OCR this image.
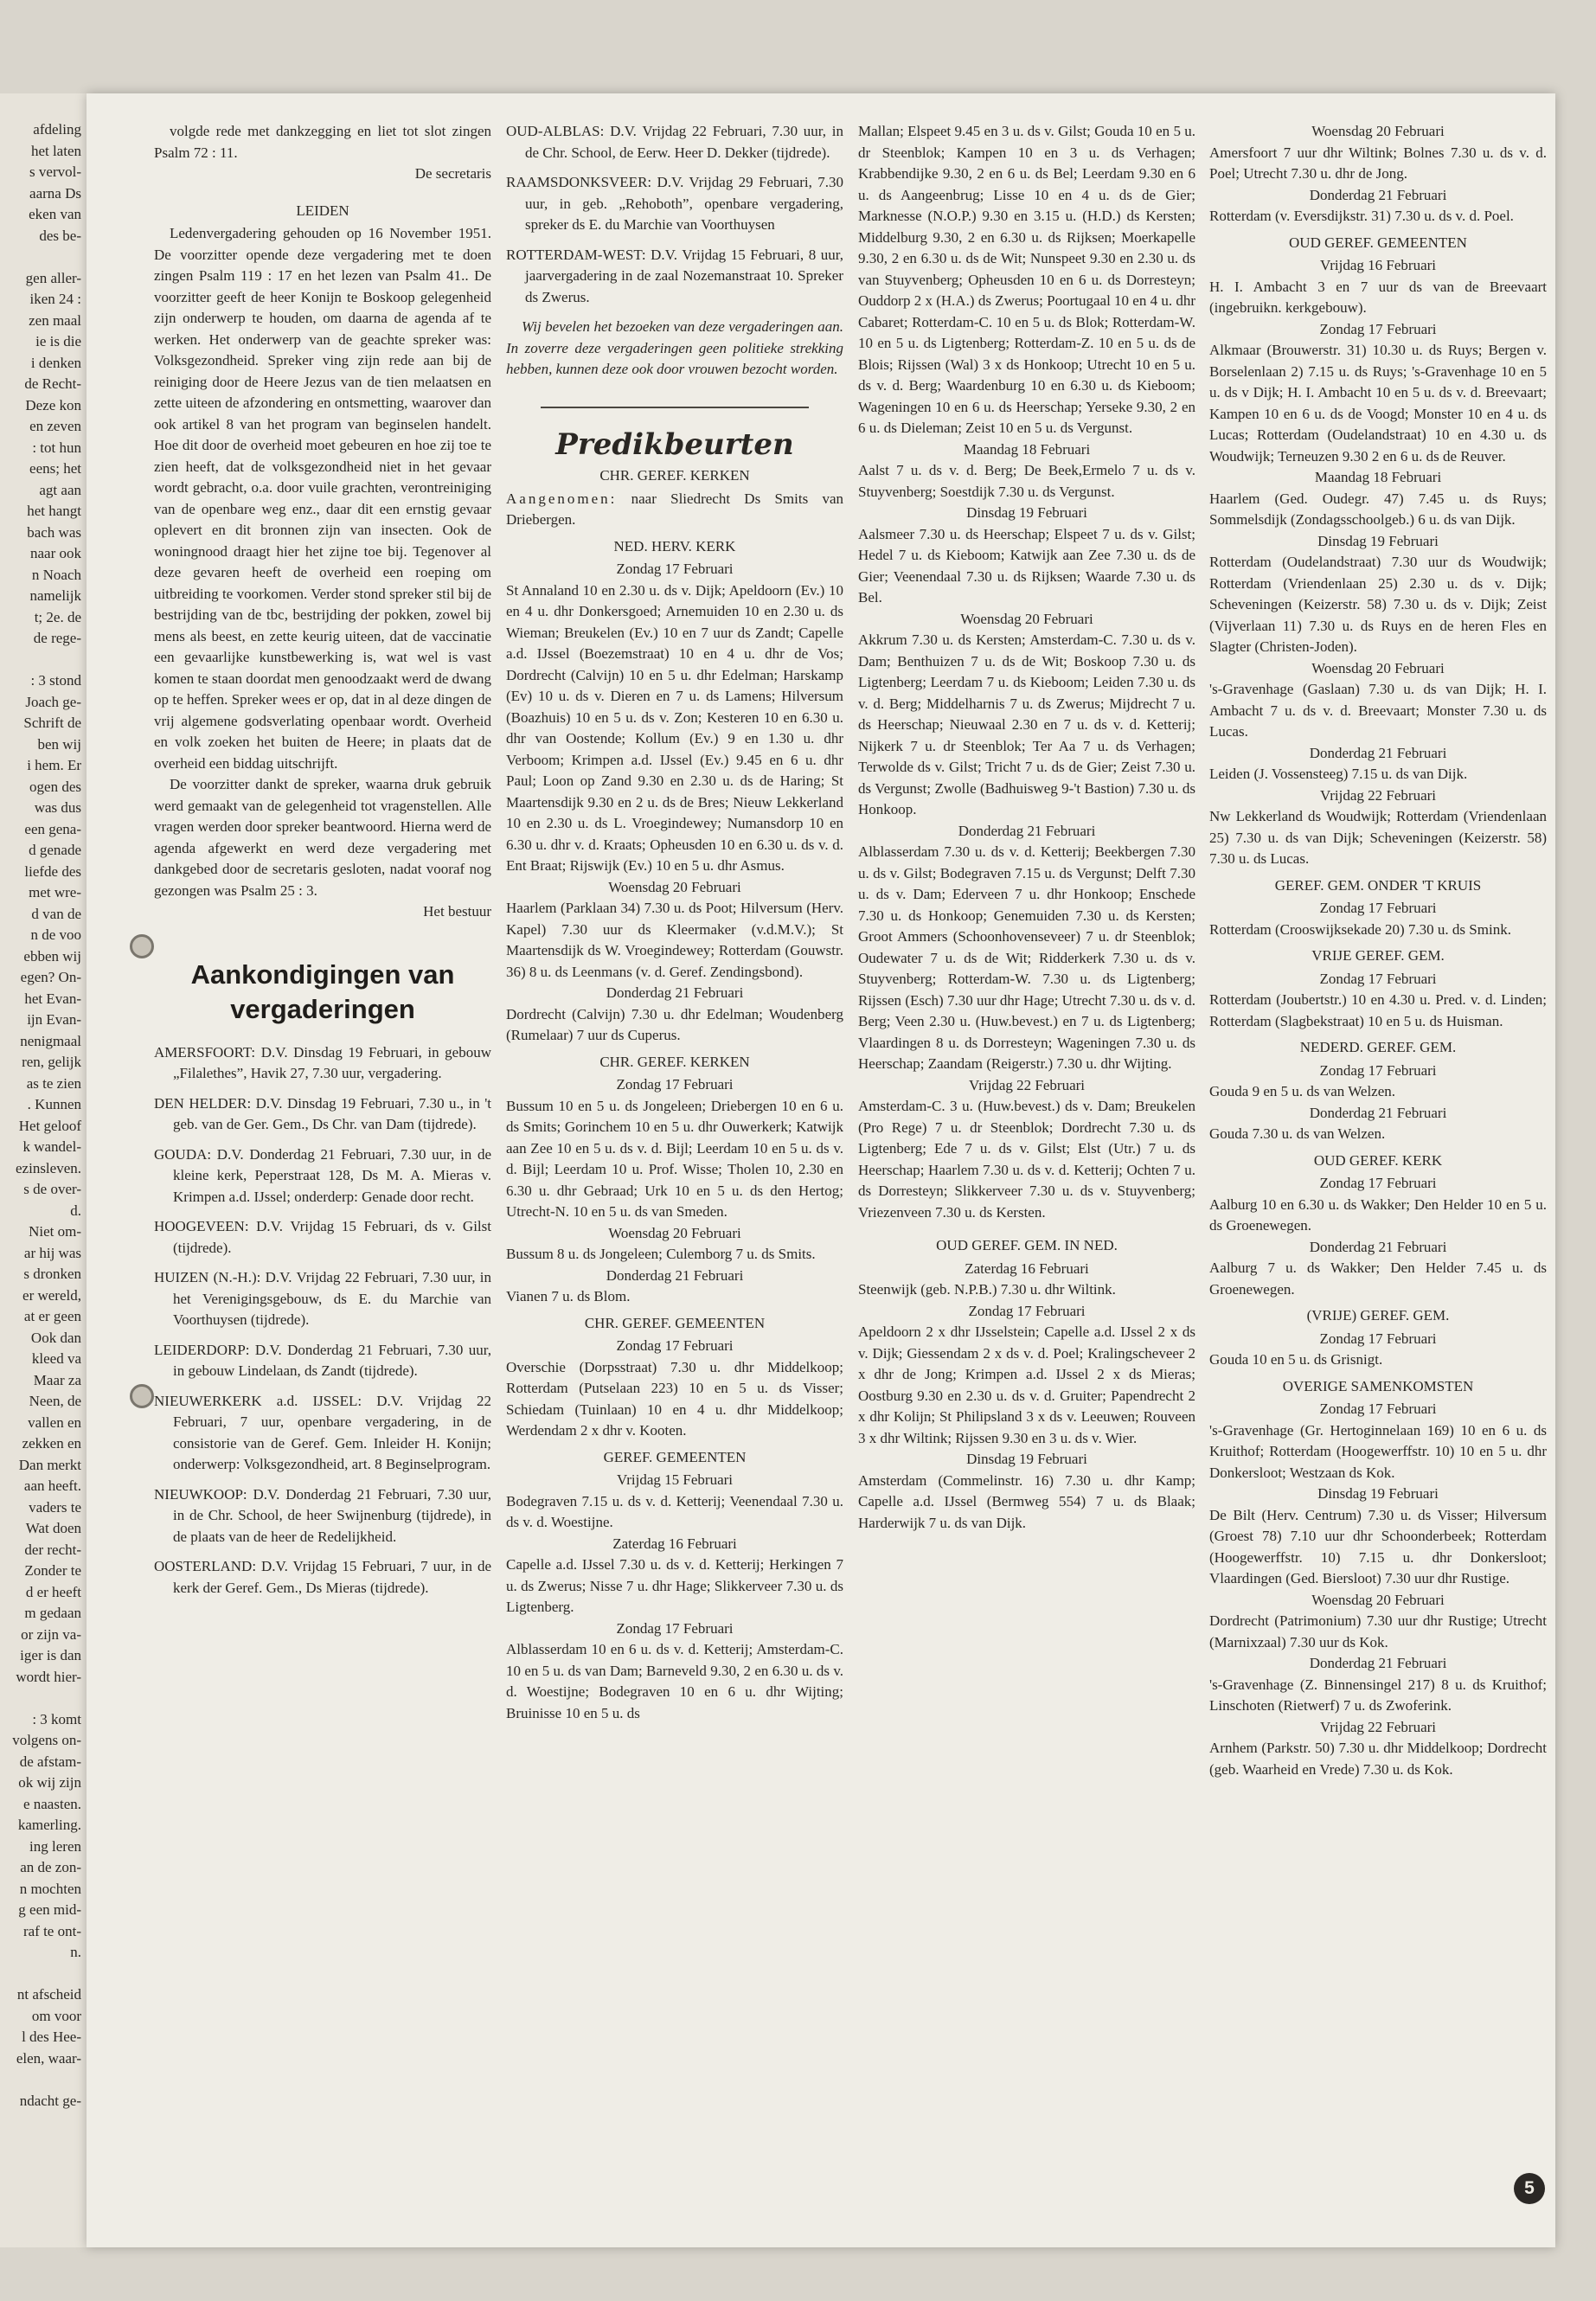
afdeling
het laten
s vervol-
aarna Ds
eken van
des be-
gen aller-
iken 24 :
zen maal
ie is die
i denken
de Recht-
Deze kon
en zeven
: tot hun
eens; het
agt aan
het hangt
bach was
naar ook
n Noach
namelijk
t; 2e. de
de rege-
: 3 stond
Joach ge-
Schrift de
ben wij
i hem. Er
ogen des
was dus
een gena-
d genade
liefde des
met wre-
d van de
n de voo
ebben wij
egen? On-
het Evan-
ijn Evan-
nenigmaal
ren, gelijk
as te zien
. Kunnen
Het geloof
k wandel-
ezinsleven.
s de over-
d.
Niet om-
ar hij was
s dronken
er wereld,
at er geen
Ook dan
kleed va
Maar za
Neen, de
vallen en
zekken en
Dan merkt
aan heeft.
vaders te
Wat doen
der recht-
Zonder te
d er heeft
m gedaan
or zijn va-
iger is dan
wordt hier-
: 3 komt
volgens on-
de afstam-
ok wij zijn
e naasten.
kamerling.
ing leren
an de zon-
n mochten
g een mid-
raf te ont-
n.
nt afscheid
om voor
l des Hee-
elen, waar-
ndacht ge-

volgde rede met dankzegging en liet tot slot zingen Psalm 72 : 11.

De secretaris

LEIDEN

Ledenvergadering gehouden op 16 November 1951. De voorzitter opende deze vergadering met te doen zingen Psalm 119 : 17 en het lezen van Psalm 41.. De voorzitter geeft de heer Konijn te Boskoop gelegenheid zijn onderwerp te houden, om daarna de agenda af te werken. Het onderwerp van de geachte spreker was: Volksgezondheid. Spreker ving zijn rede aan bij de reiniging door de Heere Jezus van de tien melaatsen en zette uiteen de afzondering en ontsmetting, waarover dan ook artikel 8 van het program van beginselen handelt. Hoe dit door de overheid moet gebeuren en hoe zij toe te zien heeft, dat de volksgezondheid niet in het gevaar wordt gebracht, o.a. door vuile grachten, verontreiniging van de openbare weg enz., daar dit een ernstig gevaar oplevert en dit bronnen zijn van insecten. Ook de woningnood draagt hier het zijne toe bij. Tegenover al deze gevaren heeft de overheid een roeping om uitbreiding te voorkomen. Verder stond spreker stil bij de bestrijding van de tbc, bestrijding der pokken, zowel bij mens als beest, en zette keurig uiteen, dat de vaccinatie een gevaarlijke kunstbewerking is, wat wel is vast komen te staan doordat men genoodzaakt werd de dwang op te heffen. Spreker wees er op, dat in al deze dingen de vrij algemene godsverlating openbaar wordt. Overheid en volk zoeken het buiten de Heere; in plaats dat de overheid een biddag uitschrijft.

De voorzitter dankt de spreker, waarna druk gebruik werd gemaakt van de gelegenheid tot vragenstellen. Alle vragen werden door spreker beantwoord. Hierna werd de agenda afgewerkt en werd deze vergadering met dankgebed door de secretaris gesloten, nadat vooraf nog gezongen was Psalm 25 : 3.

Het bestuur

Aankondigingen van
vergaderingen

AMERSFOORT: D.V. Dinsdag 19 Februari, in gebouw „Filalethes”, Havik 27, 7.30 uur, vergadering.

DEN HELDER: D.V. Dinsdag 19 Februari, 7.30 u., in 't geb. van de Ger. Gem., Ds Chr. van Dam (tijdrede).

GOUDA: D.V. Donderdag 21 Februari, 7.30 uur, in de kleine kerk, Peperstraat 128, Ds M. A. Mieras v. Krimpen a.d. IJssel; onderderp: Genade door recht.

HOOGEVEEN: D.V. Vrijdag 15 Februari, ds v. Gilst (tijdrede).

HUIZEN (N.-H.): D.V. Vrijdag 22 Februari, 7.30 uur, in het Verenigingsgebouw, ds E. du Marchie van Voorthuysen (tijdrede).

LEIDERDORP: D.V. Donderdag 21 Februari, 7.30 uur, in gebouw Lindelaan, ds Zandt (tijdrede).

NIEUWERKERK a.d. IJSSEL: D.V. Vrijdag 22 Februari, 7 uur, openbare vergadering, in de consistorie van de Geref. Gem. Inleider H. Konijn; onderwerp: Volksgezondheid, art. 8 Beginselprogram.

NIEUWKOOP: D.V. Donderdag 21 Februari, 7.30 uur, in de Chr. School, de heer Swijnenburg (tijdrede), in de plaats van de heer de Redelijkheid.

OOSTERLAND: D.V. Vrijdag 15 Februari, 7 uur, in de kerk der Geref. Gem., Ds Mieras (tijdrede).

OUD-ALBLAS: D.V. Vrijdag 22 Februari, 7.30 uur, in de Chr. School, de Eerw. Heer D. Dekker (tijdrede).

RAAMSDONKSVEER: D.V. Vrijdag 29 Februari, 7.30 uur, in geb. „Rehoboth”, openbare vergadering, spreker ds E. du Marchie van Voorthuysen

ROTTERDAM-WEST: D.V. Vrijdag 15 Februari, 8 uur, jaarvergadering in de zaal Nozemanstraat 10. Spreker ds Zwerus.

Wij bevelen het bezoeken van deze vergaderingen aan. In zoverre deze vergaderingen geen politieke strekking hebben, kunnen deze ook door vrouwen bezocht worden.

Predikbeurten

CHR. GEREF. KERKEN

Aangenomen: naar Sliedrecht Ds Smits van Driebergen.

NED. HERV. KERK

Zondag 17 Februari

St Annaland 10 en 2.30 u. ds v. Dijk; Apeldoorn (Ev.) 10 en 4 u. dhr Donkersgoed; Arnemuiden 10 en 2.30 u. ds Wieman; Breukelen (Ev.) 10 en 7 uur ds Zandt; Capelle a.d. IJssel (Boezemstraat) 10 en 4 u. dhr de Vos; Dordrecht (Calvijn) 10 en 5 u. dhr Edelman; Harskamp (Ev) 10 u. ds v. Dieren en 7 u. ds Lamens; Hilversum (Boazhuis) 10 en 5 u. ds v. Zon; Kesteren 10 en 6.30 u. dhr van Oostende; Kollum (Ev.) 9 en 1.30 u. dhr Verboom; Krimpen a.d. IJssel (Ev.) 9.45 en 6 u. dhr Paul; Loon op Zand 9.30 en 2.30 u. ds de Haring; St Maartensdijk 9.30 en 2 u. ds de Bres; Nieuw Lekkerland 10 en 2.30 u. ds L. Vroegindewey; Numansdorp 10 en 6.30 u. dhr v. d. Kraats; Opheusden 10 en 6.30 u. ds v. d. Ent Braat; Rijswijk (Ev.) 10 en 5 u. dhr Asmus.

Woensdag 20 Februari

Haarlem (Parklaan 34) 7.30 u. ds Poot; Hilversum (Herv. Kapel) 7.30 uur ds Kleermaker (v.d.M.V.); St Maartensdijk ds W. Vroegindewey; Rotterdam (Gouwstr. 36) 8 u. ds Leenmans (v. d. Geref. Zendingsbond).

Donderdag 21 Februari

Dordrecht (Calvijn) 7.30 u. dhr Edelman; Woudenberg (Rumelaar) 7 uur ds Cuperus.

CHR. GEREF. KERKEN

Zondag 17 Februari

Bussum 10 en 5 u. ds Jongeleen; Driebergen 10 en 6 u. ds Smits; Gorinchem 10 en 5 u. dhr Ouwerkerk; Katwijk aan Zee 10 en 5 u. ds v. d. Bijl; Leerdam 10 en 5 u. ds v. d. Bijl; Leerdam 10 u. Prof. Wisse; Tholen 10, 2.30 en 6.30 u. dhr Gebraad; Urk 10 en 5 u. ds den Hertog; Utrecht-N. 10 en 5 u. ds van Smeden.

Woensdag 20 Februari

Bussum 8 u. ds Jongeleen; Culemborg 7 u. ds Smits.

Donderdag 21 Februari

Vianen 7 u. ds Blom.

CHR. GEREF. GEMEENTEN

Zondag 17 Februari

Overschie (Dorpsstraat) 7.30 u. dhr Middelkoop; Rotterdam (Putselaan 223) 10 en 5 u. ds Visser; Schiedam (Tuinlaan) 10 en 4 u. dhr Middelkoop; Werdendam 2 x dhr v. Kooten.

GEREF. GEMEENTEN

Vrijdag 15 Februari

Bodegraven 7.15 u. ds v. d. Ketterij; Veenendaal 7.30 u. ds v. d. Woestijne.

Zaterdag 16 Februari

Capelle a.d. IJssel 7.30 u. ds v. d. Ketterij; Herkingen 7 u. ds Zwerus; Nisse 7 u. dhr Hage; Slikkerveer 7.30 u. ds Ligtenberg.

Zondag 17 Februari

Alblasserdam 10 en 6 u. ds v. d. Ketterij; Amsterdam-C. 10 en 5 u. ds van Dam; Barneveld 9.30, 2 en 6.30 u. ds v. d. Woestijne; Bodegraven 10 en 6 u. dhr Wijting; Bruinisse 10 en 5 u. ds

Mallan; Elspeet 9.45 en 3 u. ds v. Gilst; Gouda 10 en 5 u. dr Steenblok; Kampen 10 en 3 u. ds Verhagen; Krabbendijke 9.30, 2 en 6 u. ds Bel; Leerdam 9.30 en 6 u. ds Aangeenbrug; Lisse 10 en 4 u. ds de Gier; Marknesse (N.O.P.) 9.30 en 3.15 u. (H.D.) ds Kersten; Middelburg 9.30, 2 en 6.30 u. ds Rijksen; Moerkapelle 9.30, 2 en 6.30 u. ds de Wit; Nunspeet 9.30 en 2.30 u. ds van Stuyvenberg; Opheusden 10 en 6 u. ds Dorresteyn; Ouddorp 2 x (H.A.) ds Zwerus; Poortugaal 10 en 4 u. dhr Cabaret; Rotterdam-C. 10 en 5 u. ds Blok; Rotterdam-W. 10 en 5 u. ds Ligtenberg; Rotterdam-Z. 10 en 5 u. ds de Blois; Rijssen (Wal) 3 x ds Honkoop; Utrecht 10 en 5 u. ds v. d. Berg; Waardenburg 10 en 6.30 u. ds Kieboom; Wageningen 10 en 6 u. ds Heerschap; Yerseke 9.30, 2 en 6 u. ds Dieleman; Zeist 10 en 5 u. ds Vergunst.

Maandag 18 Februari

Aalst 7 u. ds v. d. Berg; De Beek,Ermelo 7 u. ds v. Stuyvenberg; Soestdijk 7.30 u. ds Vergunst.

Dinsdag 19 Februari

Aalsmeer 7.30 u. ds Heerschap; Elspeet 7 u. ds v. Gilst; Hedel 7 u. ds Kieboom; Katwijk aan Zee 7.30 u. ds de Gier; Veenendaal 7.30 u. ds Rijksen; Waarde 7.30 u. ds Bel.

Woensdag 20 Februari

Akkrum 7.30 u. ds Kersten; Amsterdam-C. 7.30 u. ds v. Dam; Benthuizen 7 u. ds de Wit; Boskoop 7.30 u. ds Ligtenberg; Leerdam 7 u. ds Kieboom; Leiden 7.30 u. ds v. d. Berg; Middelharnis 7 u. ds Zwerus; Mijdrecht 7 u. ds Heerschap; Nieuwaal 2.30 en 7 u. ds v. d. Ketterij; Nijkerk 7 u. dr Steenblok; Ter Aa 7 u. ds Verhagen; Terwolde ds v. Gilst; Tricht 7 u. ds de Gier; Zeist 7.30 u. ds Vergunst; Zwolle (Badhuisweg 9-'t Bastion) 7.30 u. ds Honkoop.

Donderdag 21 Februari

Alblasserdam 7.30 u. ds v. d. Ketterij; Beekbergen 7.30 u. ds v. Gilst; Bodegraven 7.15 u. ds Vergunst; Delft 7.30 u. ds v. Dam; Ederveen 7 u. dhr Honkoop; Enschede 7.30 u. ds Honkoop; Genemuiden 7.30 u. ds Kersten; Groot Ammers (Schoonhovenseveer) 7 u. dr Steenblok; Oudewater 7 u. ds de Wit; Ridderkerk 7.30 u. ds v. Stuyvenberg; Rotterdam-W. 7.30 u. ds Ligtenberg; Rijssen (Esch) 7.30 uur dhr Hage; Utrecht 7.30 u. ds v. d. Berg; Veen 2.30 u. (Huw.bevest.) en 7 u. ds Ligtenberg; Vlaardingen 8 u. ds Dorresteyn; Wageningen 7.30 u. ds Heerschap; Zaandam (Reigerstr.) 7.30 u. dhr Wijting.

Vrijdag 22 Februari

Amsterdam-C. 3 u. (Huw.bevest.) ds v. Dam; Breukelen (Pro Rege) 7 u. dr Steenblok; Dordrecht 7.30 u. ds Ligtenberg; Ede 7 u. ds v. Gilst; Elst (Utr.) 7 u. ds Heerschap; Haarlem 7.30 u. ds v. d. Ketterij; Ochten 7 u. ds Dorresteyn; Slikkerveer 7.30 u. ds v. Stuyvenberg; Vriezenveen 7.30 u. ds Kersten.

OUD GEREF. GEM. IN NED.

Zaterdag 16 Februari

Steenwijk (geb. N.P.B.) 7.30 u. dhr Wiltink.

Zondag 17 Februari

Apeldoorn 2 x dhr IJsselstein; Capelle a.d. IJssel 2 x ds v. Dijk; Giessendam 2 x ds v. d. Poel; Kralingscheveer 2 x dhr de Jong; Krimpen a.d. IJssel 2 x ds Mieras; Oostburg 9.30 en 2.30 u. ds v. d. Gruiter; Papendrecht 2 x dhr Kolijn; St Philipsland 3 x ds v. Leeuwen; Rouveen 3 x dhr Wiltink; Rijssen 9.30 en 3 u. ds v. Wier.

Dinsdag 19 Februari

Amsterdam (Commelinstr. 16) 7.30 u. dhr Kamp; Capelle a.d. IJssel (Bermweg 554) 7 u. ds Blaak; Harderwijk 7 u. ds van Dijk.

Woensdag 20 Februari

Amersfoort 7 uur dhr Wiltink; Bolnes 7.30 u. ds v. d. Poel; Utrecht 7.30 u. dhr de Jong.

Donderdag 21 Februari

Rotterdam (v. Eversdijkstr. 31) 7.30 u. ds v. d. Poel.

OUD GEREF. GEMEENTEN

Vrijdag 16 Februari

H. I. Ambacht 3 en 7 uur ds van de Breevaart (ingebruikn. kerkgebouw).

Zondag 17 Februari

Alkmaar (Brouwerstr. 31) 10.30 u. ds Ruys; Bergen v. Borselenlaan 2) 7.15 u. ds Ruys; 's-Gravenhage 10 en 5 u. ds v Dijk; H. I. Ambacht 10 en 5 u. ds v. d. Breevaart; Kampen 10 en 6 u. ds de Voogd; Monster 10 en 4 u. ds Lucas; Rotterdam (Oudelandstraat) 10 en 4.30 u. ds Woudwijk; Terneuzen 9.30 2 en 6 u. ds de Reuver.

Maandag 18 Februari

Haarlem (Ged. Oudegr. 47) 7.45 u. ds Ruys; Sommelsdijk (Zondagsschoolgeb.) 6 u. ds van Dijk.

Dinsdag 19 Februari

Rotterdam (Oudelandstraat) 7.30 uur ds Woudwijk; Rotterdam (Vriendenlaan 25) 2.30 u. ds v. Dijk; Scheveningen (Keizerstr. 58) 7.30 u. ds v. Dijk; Zeist (Vijverlaan 11) 7.30 u. ds Ruys en de heren Fles en Slagter (Christen-Joden).

Woensdag 20 Februari

's-Gravenhage (Gaslaan) 7.30 u. ds van Dijk; H. I. Ambacht 7 u. ds v. d. Breevaart; Monster 7.30 u. ds Lucas.

Donderdag 21 Februari

Leiden (J. Vossensteeg) 7.15 u. ds van Dijk.

Vrijdag 22 Februari

Nw Lekkerland ds Woudwijk; Rotterdam (Vriendenlaan 25) 7.30 u. ds van Dijk; Scheveningen (Keizerstr. 58) 7.30 u. ds Lucas.

GEREF. GEM. ONDER 'T KRUIS

Zondag 17 Februari

Rotterdam (Crooswijksekade 20) 7.30 u. ds Smink.

VRIJE GEREF. GEM.

Zondag 17 Februari

Rotterdam (Joubertstr.) 10 en 4.30 u. Pred. v. d. Linden; Rotterdam (Slagbekstraat) 10 en 5 u. ds Huisman.

NEDERD. GEREF. GEM.

Zondag 17 Februari

Gouda 9 en 5 u. ds van Welzen.

Donderdag 21 Februari

Gouda 7.30 u. ds van Welzen.

OUD GEREF. KERK

Zondag 17 Februari

Aalburg 10 en 6.30 u. ds Wakker; Den Helder 10 en 5 u. ds Groenewegen.

Donderdag 21 Februari

Aalburg 7 u. ds Wakker; Den Helder 7.45 u. ds Groenewegen.

(VRIJE) GEREF. GEM.

Zondag 17 Februari

Gouda 10 en 5 u. ds Grisnigt.

OVERIGE SAMENKOMSTEN

Zondag 17 Februari

's-Gravenhage (Gr. Hertoginnelaan 169) 10 en 6 u. ds Kruithof; Rotterdam (Hoogewerffstr. 10) 10 en 5 u. dhr Donkersloot; Westzaan ds Kok.

Dinsdag 19 Februari

De Bilt (Herv. Centrum) 7.30 u. ds Visser; Hilversum (Groest 78) 7.10 uur dhr Schoonderbeek; Rotterdam (Hoogewerffstr. 10) 7.15 u. dhr Donkersloot; Vlaardingen (Ged. Biersloot) 7.30 uur dhr Rustige.

Woensdag 20 Februari

Dordrecht (Patrimonium) 7.30 uur dhr Rustige; Utrecht (Marnixzaal) 7.30 uur ds Kok.

Donderdag 21 Februari

's-Gravenhage (Z. Binnensingel 217) 8 u. ds Kruithof; Linschoten (Rietwerf) 7 u. ds Zwoferink.

Vrijdag 22 Februari

Arnhem (Parkstr. 50) 7.30 u. dhr Middelkoop; Dordrecht (geb. Waarheid en Vrede) 7.30 u. ds Kok.

5
